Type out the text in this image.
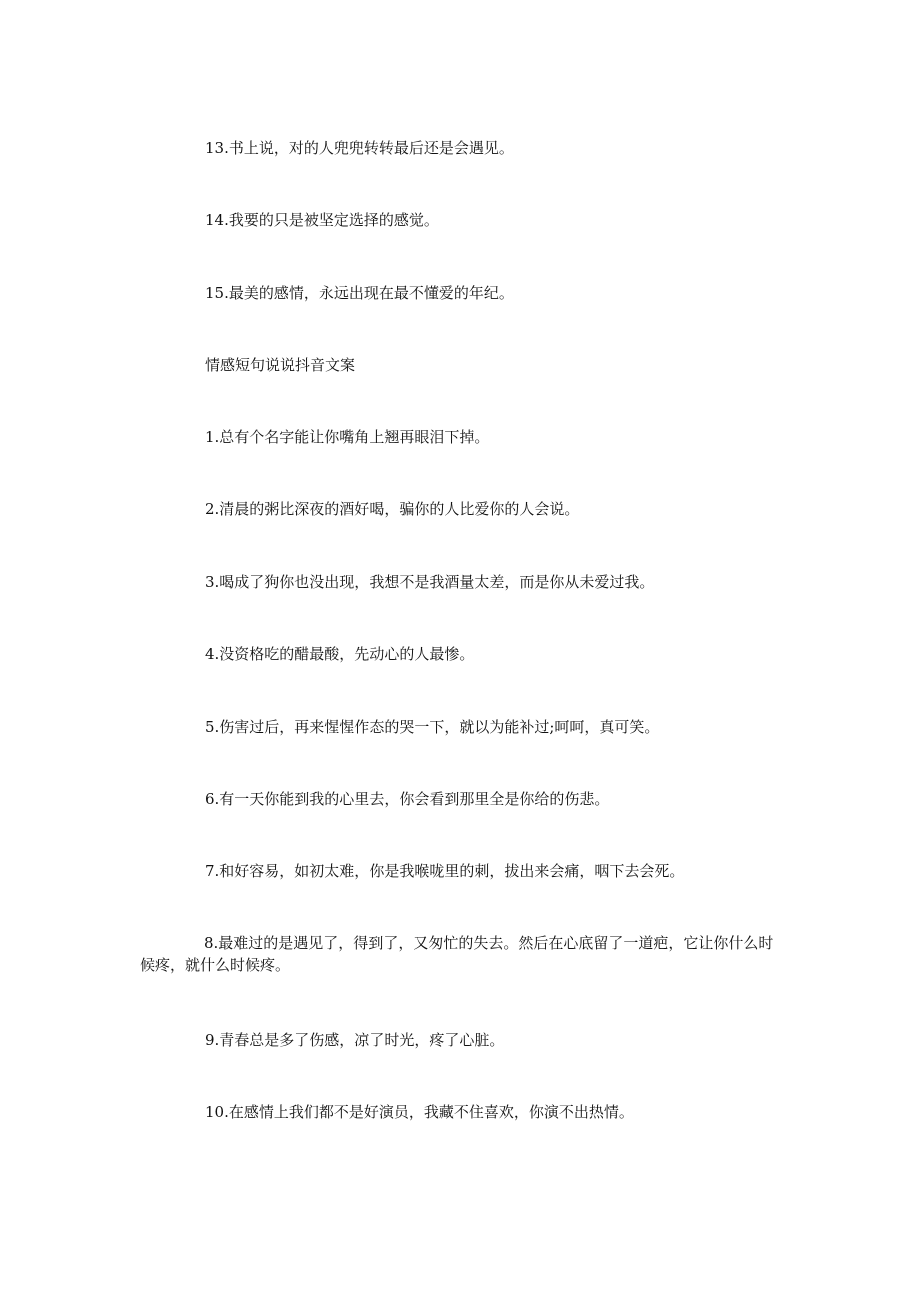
13.书上说，对的人兜兜转转最后还是会遇见。
14.我要的只是被坚定选择的感觉。
15.最美的感情，永远出现在最不懂爱的年纪。
情感短句说说抖音文案
1.总有个名字能让你嘴角上翘再眼泪下掉。
2.清晨的粥比深夜的酒好喝，骗你的人比爱你的人会说。
3.喝成了狗你也没出现，我想不是我酒量太差，而是你从未爱过我。
4.没资格吃的醋最酸，先动心的人最惨。
5.伤害过后，再来惺惺作态的哭一下，就以为能补过;呵呵，真可笑。
6.有一天你能到我的心里去，你会看到那里全是你给的伤悲。
7.和好容易，如初太难，你是我喉咙里的刺，拔出来会痛，咽下去会死。
8.最难过的是遇见了，得到了，又匆忙的失去。然后在心底留了一道疤，它让你什么时候疼，就什么时候疼。
9.青春总是多了伤感，凉了时光，疼了心脏。
10.在感情上我们都不是好演员，我藏不住喜欢，你演不出热情。
